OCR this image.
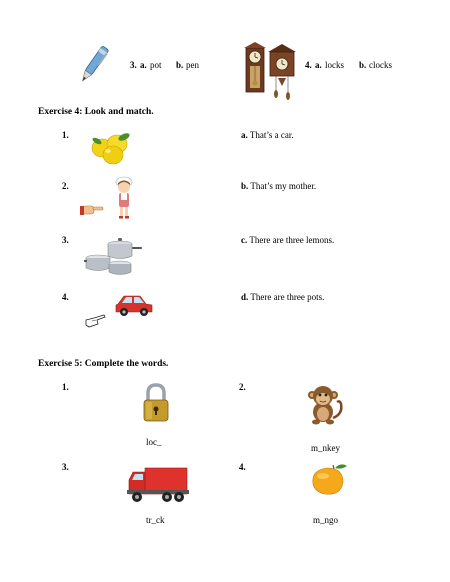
3. a. pot b. pen	4. a. locks b. clocks
Exercise 4: Look and match.
1.
2.
3.
4.
a. That’s a car.
b. That’s my mother.
c. There are three lemons.
d. There are three pots.
Exercise 5: Complete the words.
1.
loc_
2.
m_nkey
3.
tr_ck
4.
m_ngo
